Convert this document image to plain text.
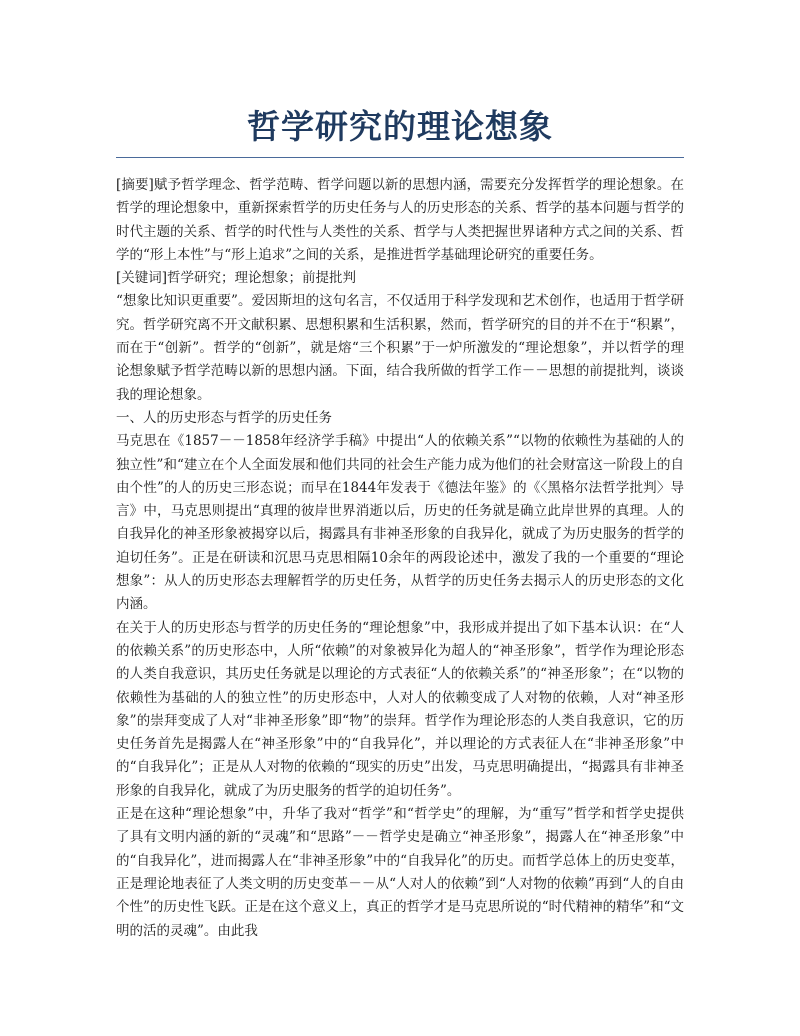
哲学研究的理论想象

[摘要]赋予哲学理念、哲学范畴、哲学问题以新的思想内涵，需要充分发挥哲学的理论想象。在哲学的理论想象中，重新探索哲学的历史任务与人的历史形态的关系、哲学的基本问题与哲学的时代主题的关系、哲学的时代性与人类性的关系、哲学与人类把握世界诸种方式之间的关系、哲学的“形上本性”与“形上追求”之间的关系，是推进哲学基础理论研究的重要任务。

[关键词]哲学研究；理论想象；前提批判

“想象比知识更重要”。爱因斯坦的这句名言，不仅适用于科学发现和艺术创作，也适用于哲学研究。哲学研究离不开文献积累、思想积累和生活积累，然而，哲学研究的目的并不在于“积累”，而在于“创新”。哲学的“创新”，就是熔“三个积累”于一炉所激发的“理论想象”，并以哲学的理论想象赋予哲学范畴以新的思想内涵。下面，结合我所做的哲学工作－－思想的前提批判，谈谈我的理论想象。

一、人的历史形态与哲学的历史任务

马克思在《1857－－1858年经济学手稿》中提出“人的依赖关系”“以物的依赖性为基础的人的独立性”和“建立在个人全面发展和他们共同的社会生产能力成为他们的社会财富这一阶段上的自由个性”的人的历史三形态说；而早在1844年发表于《德法年鉴》的《〈黑格尔法哲学批判〉导言》中，马克思则提出“真理的彼岸世界消逝以后，历史的任务就是确立此岸世界的真理。人的自我异化的神圣形象被揭穿以后，揭露具有非神圣形象的自我异化，就成了为历史服务的哲学的迫切任务”。正是在研读和沉思马克思相隔10余年的两段论述中，激发了我的一个重要的“理论想象”：从人的历史形态去理解哲学的历史任务，从哲学的历史任务去揭示人的历史形态的文化内涵。

在关于人的历史形态与哲学的历史任务的“理论想象”中，我形成并提出了如下基本认识：在“人的依赖关系”的历史形态中，人所“依赖”的对象被异化为超人的“神圣形象”，哲学作为理论形态的人类自我意识，其历史任务就是以理论的方式表征“人的依赖关系”的“神圣形象”；在“以物的依赖性为基础的人的独立性”的历史形态中，人对人的依赖变成了人对物的依赖，人对“神圣形象”的崇拜变成了人对“非神圣形象”即“物”的崇拜。哲学作为理论形态的人类自我意识，它的历史任务首先是揭露人在“神圣形象”中的“自我异化”，并以理论的方式表征人在“非神圣形象”中的“自我异化”；正是从人对物的依赖的“现实的历史”出发，马克思明确提出，“揭露具有非神圣形象的自我异化，就成了为历史服务的哲学的迫切任务”。

正是在这种“理论想象”中，升华了我对“哲学”和“哲学史”的理解，为“重写”哲学和哲学史提供了具有文明内涵的新的“灵魂”和“思路”－－哲学史是确立“神圣形象”，揭露人在“神圣形象”中的“自我异化”，进而揭露人在“非神圣形象”中的“自我异化”的历史。而哲学总体上的历史变革，正是理论地表征了人类文明的历史变革－－从“人对人的依赖”到“人对物的依赖”再到“人的自由个性”的历史性飞跃。正是在这个意义上，真正的哲学才是马克思所说的“时代精神的精华”和“文明的活的灵魂”。由此我
